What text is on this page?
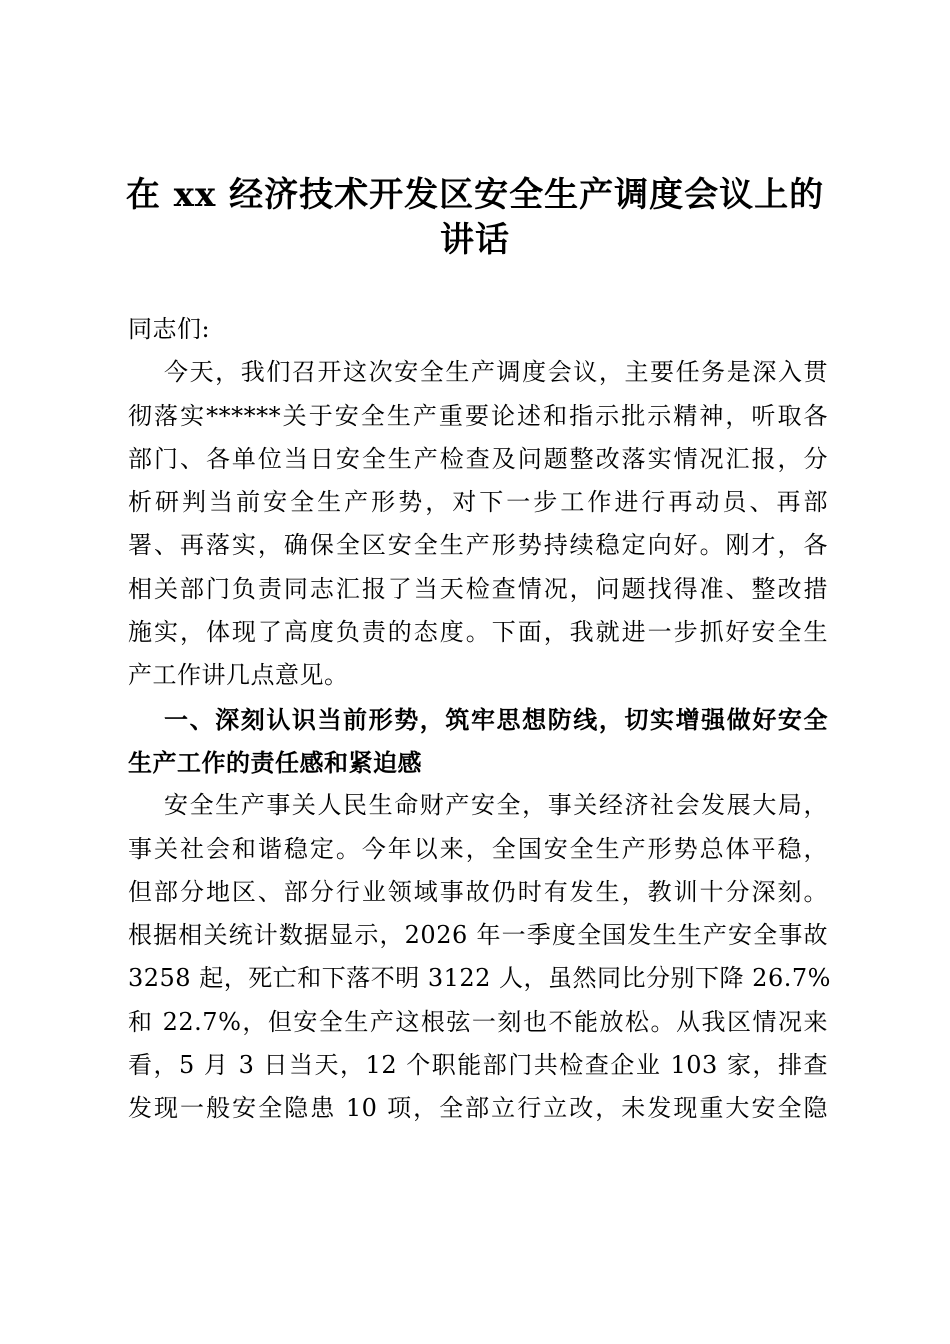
在 xx 经济技术开发区安全生产调度会议上的
讲话
同志们:
今天，我们召开这次安全生产调度会议，主要任务是深入贯
彻落实******关于安全生产重要论述和指示批示精神，听取各
部门、各单位当日安全生产检查及问题整改落实情况汇报，分
析研判当前安全生产形势，对下一步工作进行再动员、再部
署、再落实，确保全区安全生产形势持续稳定向好。刚才，各
相关部门负责同志汇报了当天检查情况，问题找得准、整改措
施实，体现了高度负责的态度。下面，我就进一步抓好安全生
产工作讲几点意见。
一、深刻认识当前形势，筑牢思想防线，切实增强做好安全
生产工作的责任感和紧迫感
安全生产事关人民生命财产安全，事关经济社会发展大局，
事关社会和谐稳定。今年以来，全国安全生产形势总体平稳，
但部分地区、部分行业领域事故仍时有发生，教训十分深刻。
根据相关统计数据显示，2026 年一季度全国发生生产安全事故
3258 起，死亡和下落不明 3122 人，虽然同比分别下降 26.7%
和 22.7%，但安全生产这根弦一刻也不能放松。从我区情况来
看，5 月 3 日当天，12 个职能部门共检查企业 103 家，排查
发现一般安全隐患 10 项，全部立行立改，未发现重大安全隐
